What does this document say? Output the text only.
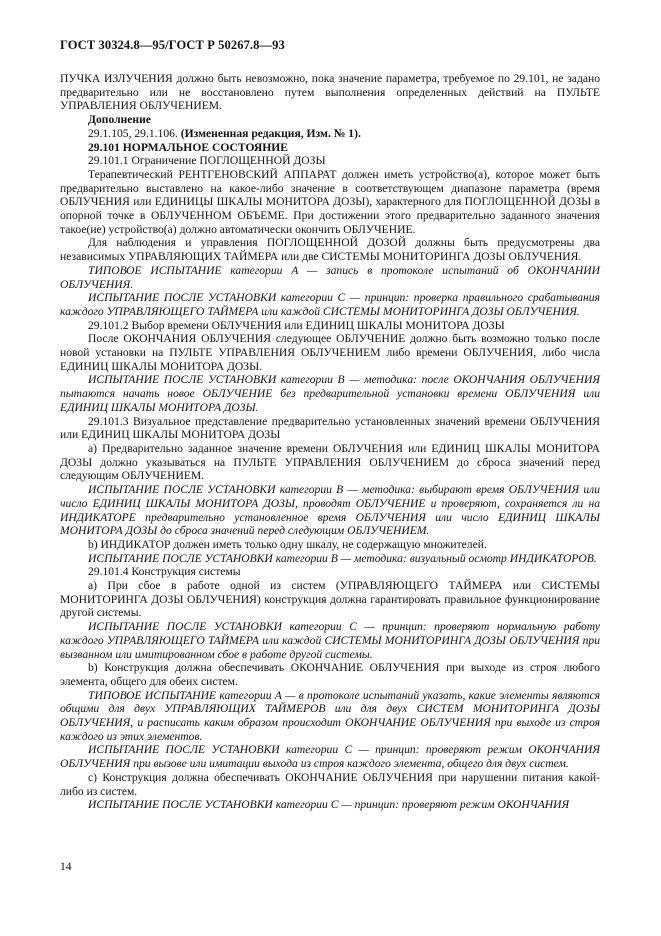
ГОСТ 30324.8—95/ГОСТ Р 50267.8—93

ПУЧКА ИЗЛУЧЕНИЯ должно быть невозможно, пока значение параметра, требуемое по 29.101, не задано предварительно или не восстановлено путем выполнения определенных действий на ПУЛЬТЕ УПРАВЛЕНИЯ ОБЛУЧЕНИЕМ.

Дополнение

29.1.105, 29.1.106. (Измененная редакция, Изм. № 1).

29.101 НОРМАЛЬНОЕ СОСТОЯНИЕ

29.101.1 Ограничение ПОГЛОЩЕННОЙ ДОЗЫ

Терапевтический РЕНТГЕНОВСКИЙ АППАРАТ должен иметь устройство(а), которое может быть предварительно выставлено на какое-либо значение в соответствующем диапазоне параметра (время ОБЛУЧЕНИЯ или ЕДИНИЦЫ ШКАЛЫ МОНИТОРА ДОЗЫ), характерного для ПОГЛОЩЕННОЙ ДОЗЫ в опорной точке в ОБЛУЧЕННОМ ОБЪЕМЕ. При достижении этого предварительно заданного значения такое(ие) устройство(а) должно автоматически окончить ОБЛУЧЕНИЕ.

Для наблюдения и управления ПОГЛОЩЕННОЙ ДОЗОЙ должны быть предусмотрены два независимых УПРАВЛЯЮЩИХ ТАЙМЕРА или две СИСТЕМЫ МОНИТОРИНГА ДОЗЫ ОБЛУЧЕНИЯ.

ТИПОВОЕ ИСПЫТАНИЕ категории А — запись в протоколе испытаний об ОКОНЧАНИИ ОБЛУЧЕНИЯ.

ИСПЫТАНИЕ ПОСЛЕ УСТАНОВКИ категории С — принцип: проверка правильного срабатывания каждого УПРАВЛЯЮЩЕГО ТАЙМЕРА или каждой СИСТЕМЫ МОНИТОРИНГА ДОЗЫ ОБЛУЧЕНИЯ.

29.101.2 Выбор времени ОБЛУЧЕНИЯ или ЕДИНИЦ ШКАЛЫ МОНИТОРА ДОЗЫ

После ОКОНЧАНИЯ ОБЛУЧЕНИЯ следующее ОБЛУЧЕНИЕ должно быть возможно только после новой установки на ПУЛЬТЕ УПРАВЛЕНИЯ ОБЛУЧЕНИЕМ либо времени ОБЛУЧЕНИЯ, либо числа ЕДИНИЦ ШКАЛЫ МОНИТОРА ДОЗЫ.

ИСПЫТАНИЕ ПОСЛЕ УСТАНОВКИ категории В — методика: после ОКОНЧАНИЯ ОБЛУЧЕНИЯ пытаются начать новое ОБЛУЧЕНИЕ без предварительной установки времени ОБЛУЧЕНИЯ или ЕДИНИЦ ШКАЛЫ МОНИТОРА ДОЗЫ.

29.101.3 Визуальное представление предварительно установленных значений времени ОБЛУЧЕНИЯ или ЕДИНИЦ ШКАЛЫ МОНИТОРА ДОЗЫ

а) Предварительно заданное значение времени ОБЛУЧЕНИЯ или ЕДИНИЦ ШКАЛЫ МОНИТОРА ДОЗЫ должно указываться на ПУЛЬТЕ УПРАВЛЕНИЯ ОБЛУЧЕНИЕМ до сброса значений перед следующим ОБЛУЧЕНИЕМ.

ИСПЫТАНИЕ ПОСЛЕ УСТАНОВКИ категории В — методика: выбирают время ОБЛУЧЕНИЯ или число ЕДИНИЦ ШКАЛЫ МОНИТОРА ДОЗЫ, проводят ОБЛУЧЕНИЕ и проверяют, сохраняется ли на ИНДИКАТОРЕ предварительно установленное время ОБЛУЧЕНИЯ или число ЕДИНИЦ ШКАЛЫ МОНИТОРА ДОЗЫ до сброса значений перед следующим ОБЛУЧЕНИЕМ.

b) ИНДИКАТОР должен иметь только одну шкалу, не содержащую множителей.

ИСПЫТАНИЕ ПОСЛЕ УСТАНОВКИ категории В — методика: визуальный осмотр ИНДИКАТОРОВ.

29.101.4 Конструкция системы

а) При сбое в работе одной из систем (УПРАВЛЯЮЩЕГО ТАЙМЕРА или СИСТЕМЫ МОНИТОРИНГА ДОЗЫ ОБЛУЧЕНИЯ) конструкция должна гарантировать правильное функционирование другой системы.

ИСПЫТАНИЕ ПОСЛЕ УСТАНОВКИ категории С — принцип: проверяют нормальную работу каждого УПРАВЛЯЮЩЕГО ТАЙМЕРА или каждой СИСТЕМЫ МОНИТОРИНГА ДОЗЫ ОБЛУЧЕНИЯ при вызванном или имитированном сбое в работе другой системы.

b) Конструкция должна обеспечивать ОКОНЧАНИЕ ОБЛУЧЕНИЯ при выходе из строя любого элемента, общего для обеих систем.

ТИПОВОЕ ИСПЫТАНИЕ категории А — в протоколе испытаний указать, какие элементы являются общими для двух УПРАВЛЯЮЩИХ ТАЙМЕРОВ или для двух СИСТЕМ МОНИТОРИНГА ДОЗЫ ОБЛУЧЕНИЯ, и расписать каким образом происходит ОКОНЧАНИЕ ОБЛУЧЕНИЯ при выходе из строя каждого из этих элементов.

ИСПЫТАНИЕ ПОСЛЕ УСТАНОВКИ категории С — принцип: проверяют режим ОКОНЧАНИЯ ОБЛУЧЕНИЯ при вызове или имитации выхода из строя каждого элемента, общего для двух систем.

с) Конструкция должна обеспечивать ОКОНЧАНИЕ ОБЛУЧЕНИЯ при нарушении питания какой-либо из систем.

ИСПЫТАНИЕ ПОСЛЕ УСТАНОВКИ категории С — принцип: проверяют режим ОКОНЧАНИЯ

14
